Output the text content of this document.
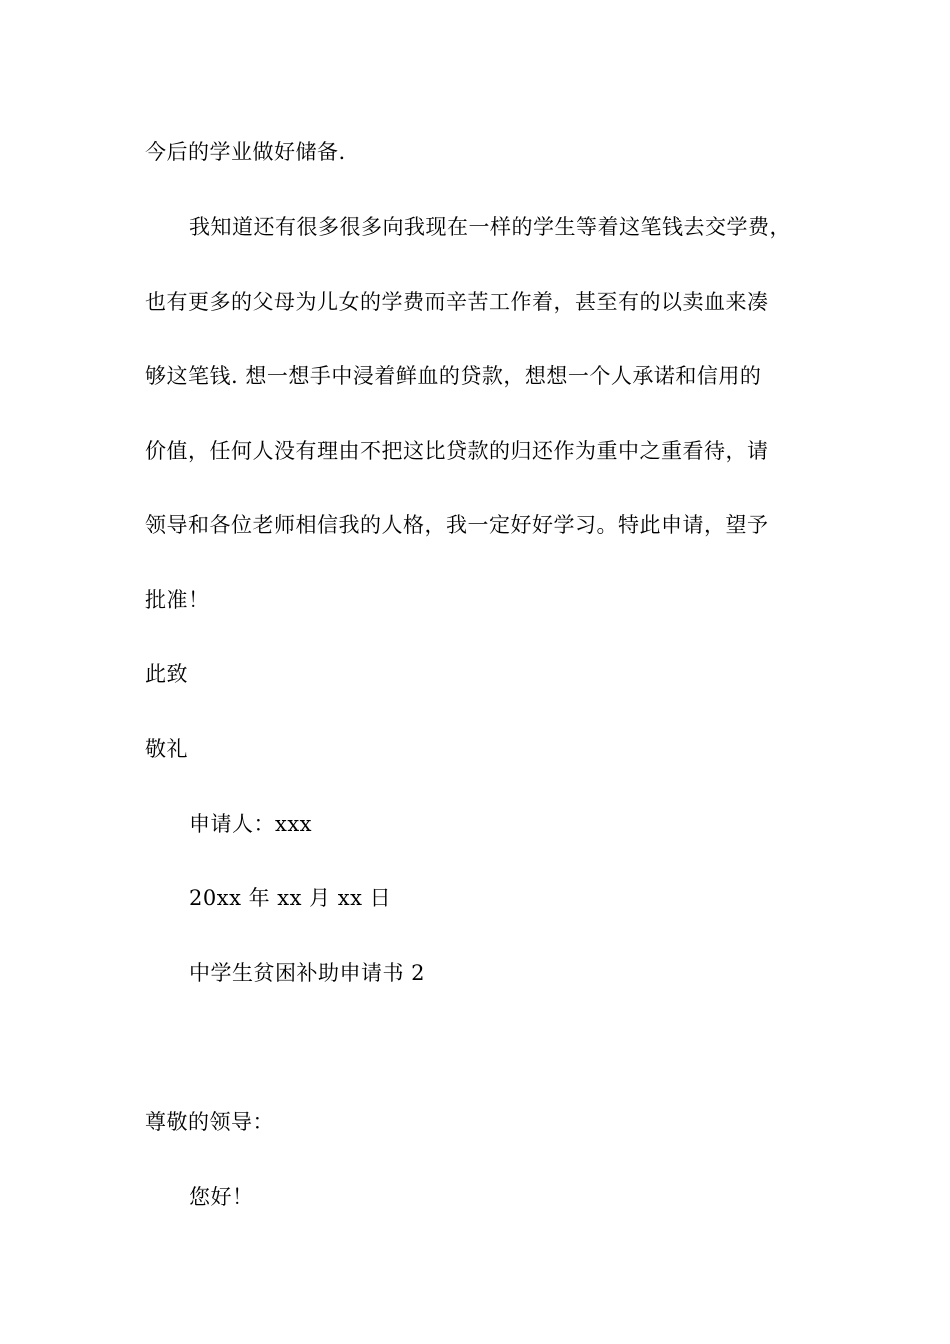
今后的学业做好储备.
我知道还有很多很多向我现在一样的学生等着这笔钱去交学费，
也有更多的父母为儿女的学费而辛苦工作着，甚至有的以卖血来凑
够这笔钱. 想一想手中浸着鲜血的贷款，想想一个人承诺和信用的
价值，任何人没有理由不把这比贷款的归还作为重中之重看待，请
领导和各位老师相信我的人格，我一定好好学习。特此申请，望予
批准！
此致
敬礼
申请人：xxx
20xx 年 xx 月 xx 日
中学生贫困补助申请书 2
尊敬的领导：
您好！
